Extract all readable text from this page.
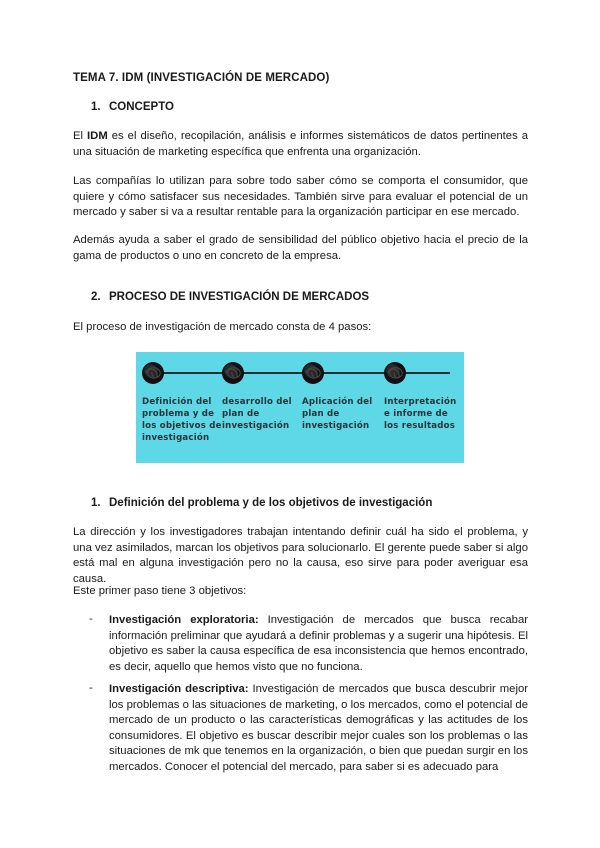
TEMA 7. IDM (INVESTIGACIÓN DE MERCADO)
1. CONCEPTO

El IDM es el diseño, recopilación, análisis e informes sistemáticos de datos pertinentes a una situación de marketing específica que enfrenta una organización.

Las compañías lo utilizan para sobre todo saber cómo se comporta el consumidor, que quiere y cómo satisfacer sus necesidades. También sirve para evaluar el potencial de un mercado y saber si va a resultar rentable para la organización participar en ese mercado.

Además ayuda a saber el grado de sensibilidad del público objetivo hacia el precio de la gama de productos o uno en concreto de la empresa.

2. PROCESO DE INVESTIGACIÓN DE MERCADOS

El proceso de investigación de mercado consta de 4 pasos:

Definición del problema y de los objetivos de investigación
desarrollo del plan de investigación
Aplicación del plan de investigación
Interpretación e informe de los resultados
1. Definición del problema y de los objetivos de investigación

La dirección y los investigadores trabajan intentando definir cuál ha sido el problema, y una vez asimilados, marcan los objetivos para solucionarlo. El gerente puede saber si algo está mal en alguna investigación pero no la causa, eso sirve para poder averiguar esa causa.

Este primer paso tiene 3 objetivos:

- Investigación exploratoria: Investigación de mercados que busca recabar información preliminar que ayudará a definir problemas y a sugerir una hipótesis. El objetivo es saber la causa específica de esa inconsistencia que hemos encontrado, es decir, aquello que hemos visto que no funciona.

- Investigación descriptiva: Investigación de mercados que busca descubrir mejor los problemas o las situaciones de marketing, o los mercados, como el potencial de mercado de un producto o las características demográficas y las actitudes de los consumidores. El objetivo es buscar describir mejor cuales son los problemas o las situaciones de mk que tenemos en la organización, o bien que puedan surgir en los mercados. Conocer el potencial del mercado, para saber si es adecuado para
